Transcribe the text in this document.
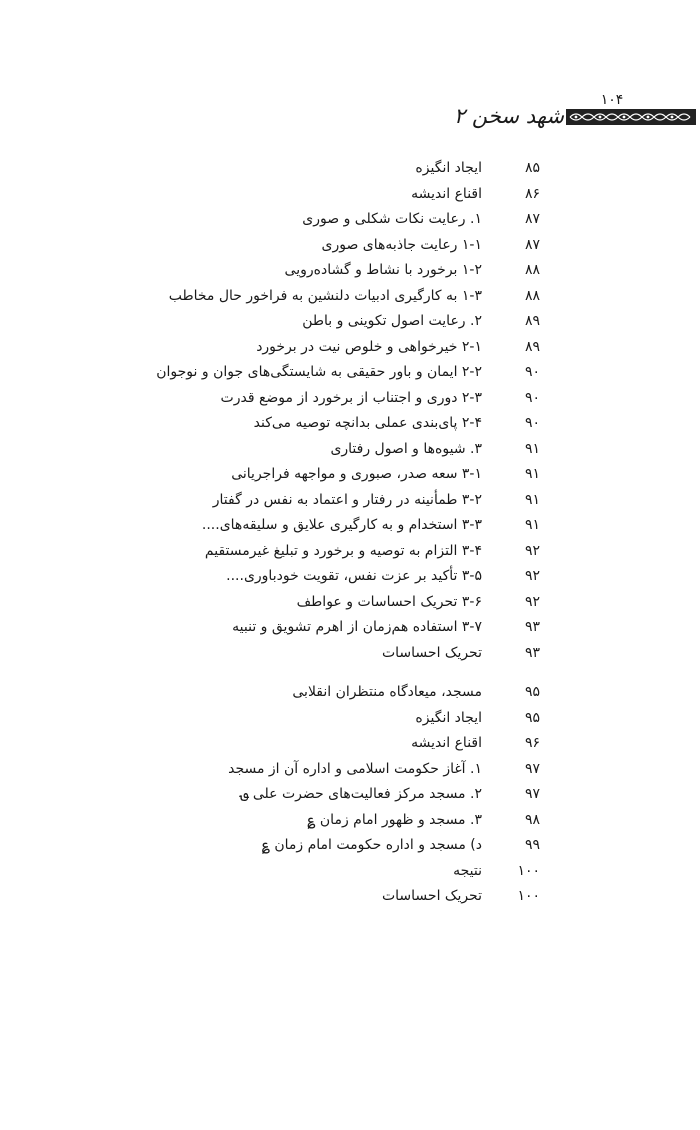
شهد سخن ۲
۱۰۴
۸۵
ایجاد انگیزه
۸۶
اقناع اندیشه
۸۷
۱. رعایت نکات شکلی و صوری
۸۷
۱-۱ رعایت جاذبه‌های صوری
۸۸
۱-۲ برخورد با نشاط و گشاده‌رویی
۸۸
۱-۳ به کارگیری ادبیات دلنشین به فراخور حال مخاطب
۸۹
۲. رعایت اصول تکوینی و باطن
۸۹
۲-۱ خیرخواهی و خلوص نیت در برخورد
۹۰
۲-۲ ایمان و باور حقیقی به شایستگی‌های جوان و نوجوان
۹۰
۲-۳ دوری و اجتناب از برخورد از موضع قدرت
۹۰
۲-۴ پای‌بندی عملی بدانچه توصیه می‌کند
۹۱
۳. شیوه‌ها و اصول رفتاری
۹۱
۳-۱ سعه صدر، صبوری و مواجهه فراجریانی
۹۱
۳-۲ طمأنینه در رفتار و اعتماد به نفس در گفتار
۹۱
۳-۳ استخدام و به کارگیری علایق و سلیقه‌های....
۹۲
۳-۴ التزام به توصیه و برخورد و تبلیغ غیرمستقیم
۹۲
۳-۵ تأکید بر عزت نفس، تقویت خودباوری....
۹۲
۳-۶ تحریک احساسات و عواطف
۹۳
۳-۷ استفاده هم‌زمان از اهرم تشویق و تنبیه
۹۳
تحریک احساسات
۹۵
مسجد، میعادگاه منتظران انقلابی
۹۵
ایجاد انگیزه
۹۶
اقناع اندیشه
۹۷
۱. آغاز حکومت اسلامی و اداره آن از مسجد
۹۷
۲. مسجد مرکز فعالیت‌های حضرت علی ؈
۹۸
۳. مسجد و ظهور امام زمان ؏
۹۹
د) مسجد و اداره حکومت امام زمان ؏
۱۰۰
نتیجه
۱۰۰
تحریک احساسات
